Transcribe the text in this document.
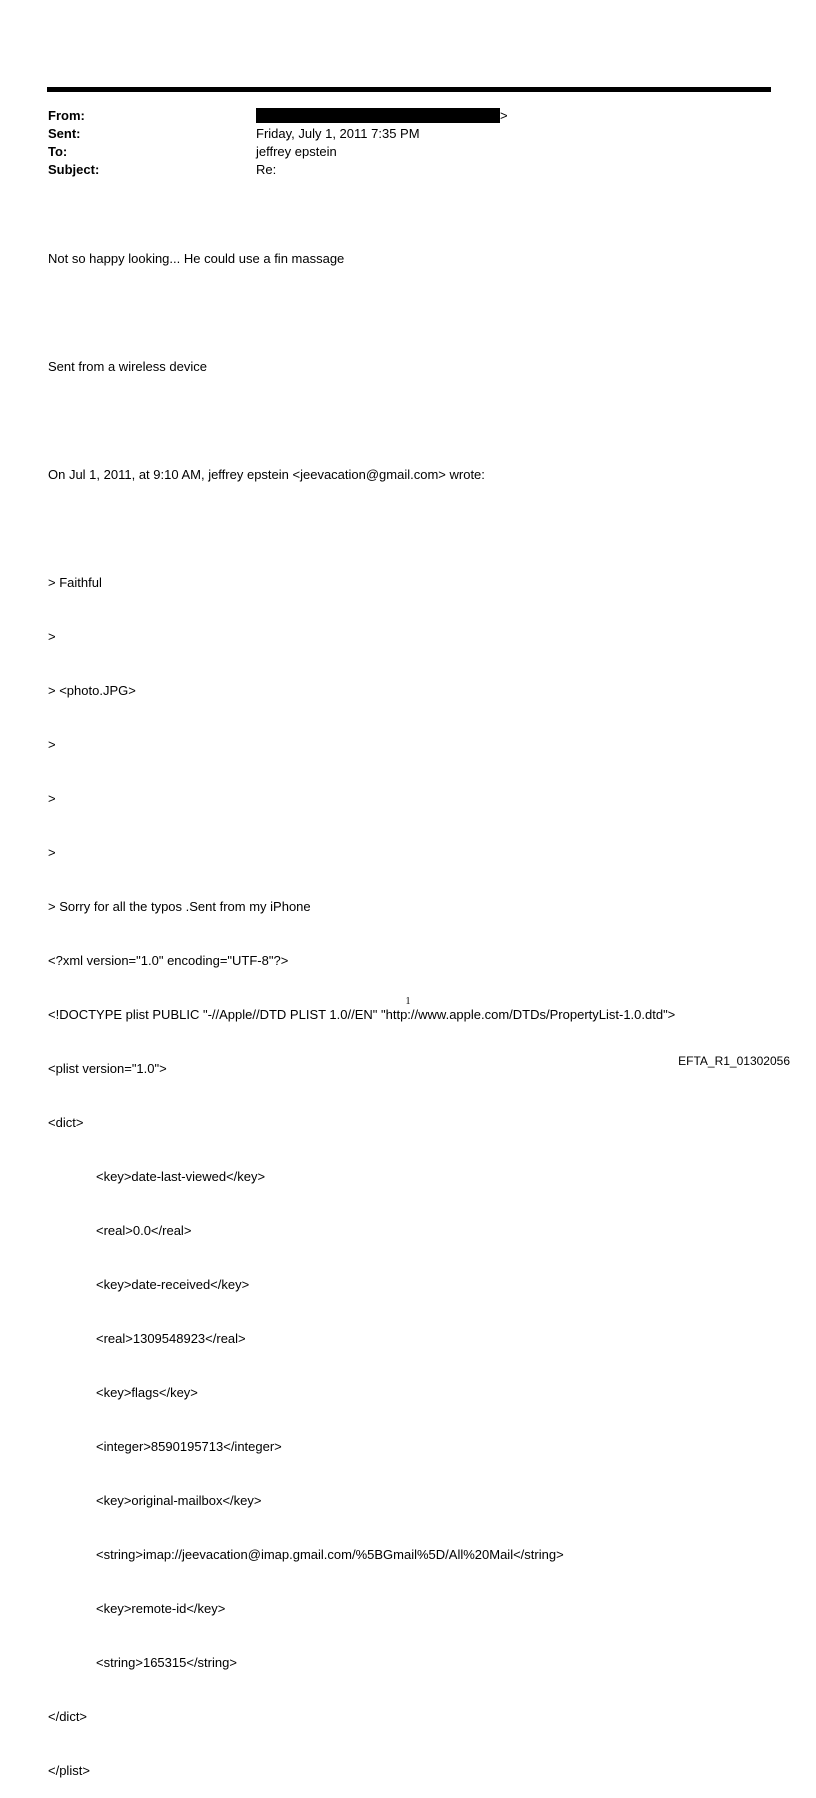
From:	>
Sent:	Friday, July 1, 2011 7:35 PM
To:	jeffrey epstein
Subject:	Re:

Not so happy looking... He could use a fin massage

Sent from a wireless device

On Jul 1, 2011, at 9:10 AM, jeffrey epstein <jeevacation@gmail.com> wrote:

> Faithful

>

> <photo.JPG>

>

>

>

> Sorry for all the typos .Sent from my iPhone

<?xml version="1.0" encoding="UTF-8"?>

<!DOCTYPE plist PUBLIC "-//Apple//DTD PLIST 1.0//EN" "http://www.apple.com/DTDs/PropertyList-1.0.dtd">

<plist version="1.0">

<dict>

<key>date-last-viewed</key>

<real>0.0</real>

<key>date-received</key>

<real>1309548923</real>

<key>flags</key>

<integer>8590195713</integer>

<key>original-mailbox</key>

<string>imap://jeevacation@imap.gmail.com/%5BGmail%5D/All%20Mail</string>

<key>remote-id</key>

<string>165315</string>

</dict>

</plist>

1
EFTA_R1_01302056
